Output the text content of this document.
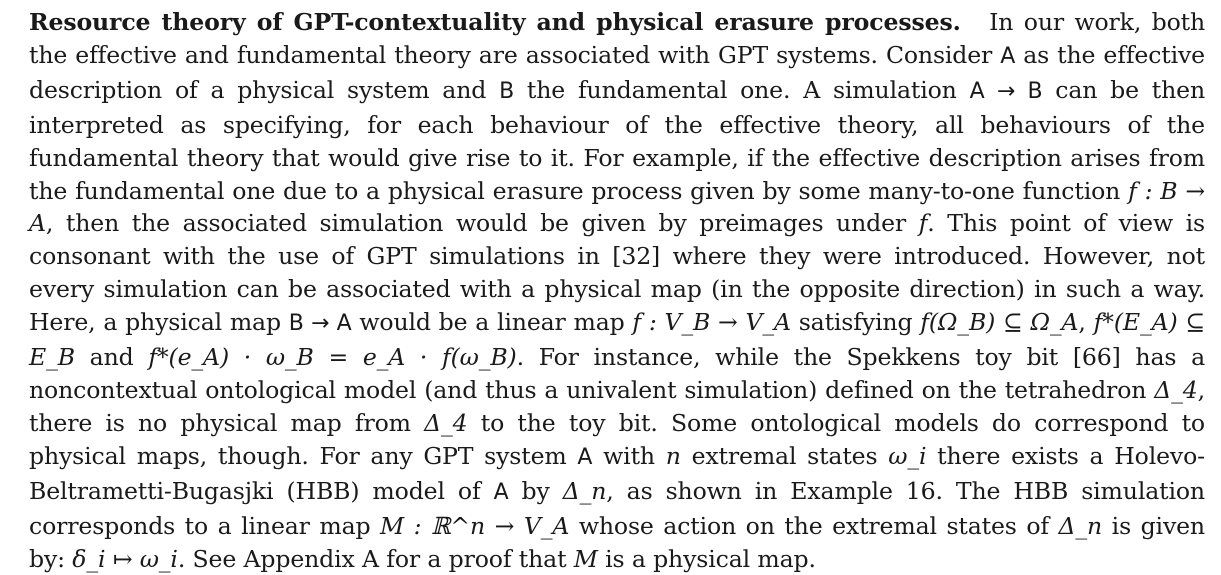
Resource theory of GPT-contextuality and physical erasure processes. In our work, both the effective and fundamental theory are associated with GPT systems. Consider A as the effective description of a physical system and B the fundamental one. A simulation A → B can be then interpreted as specifying, for each behaviour of the effective theory, all behaviours of the fundamental theory that would give rise to it. For example, if the effective description arises from the fundamental one due to a physical erasure process given by some many-to-one function f : B → A, then the associated simulation would be given by preimages under f. This point of view is consonant with the use of GPT simulations in [32] where they were introduced. However, not every simulation can be associated with a physical map (in the opposite direction) in such a way. Here, a physical map B → A would be a linear map f : V_B → V_A satisfying f(Ω_B) ⊆ Ω_A, f*(E_A) ⊆ E_B and f*(e_A) · ω_B = e_A · f(ω_B). For instance, while the Spekkens toy bit [66] has a noncontextual ontological model (and thus a univalent simulation) defined on the tetrahedron Δ_4, there is no physical map from Δ_4 to the toy bit. Some ontological models do correspond to physical maps, though. For any GPT system A with n extremal states ω_i there exists a Holevo-Beltrametti-Bugasjki (HBB) model of A by Δ_n, as shown in Example 16. The HBB simulation corresponds to a linear map M : ℝ^n → V_A whose action on the extremal states of Δ_n is given by: δ_i ↦ ω_i. See Appendix A for a proof that M is a physical map.
